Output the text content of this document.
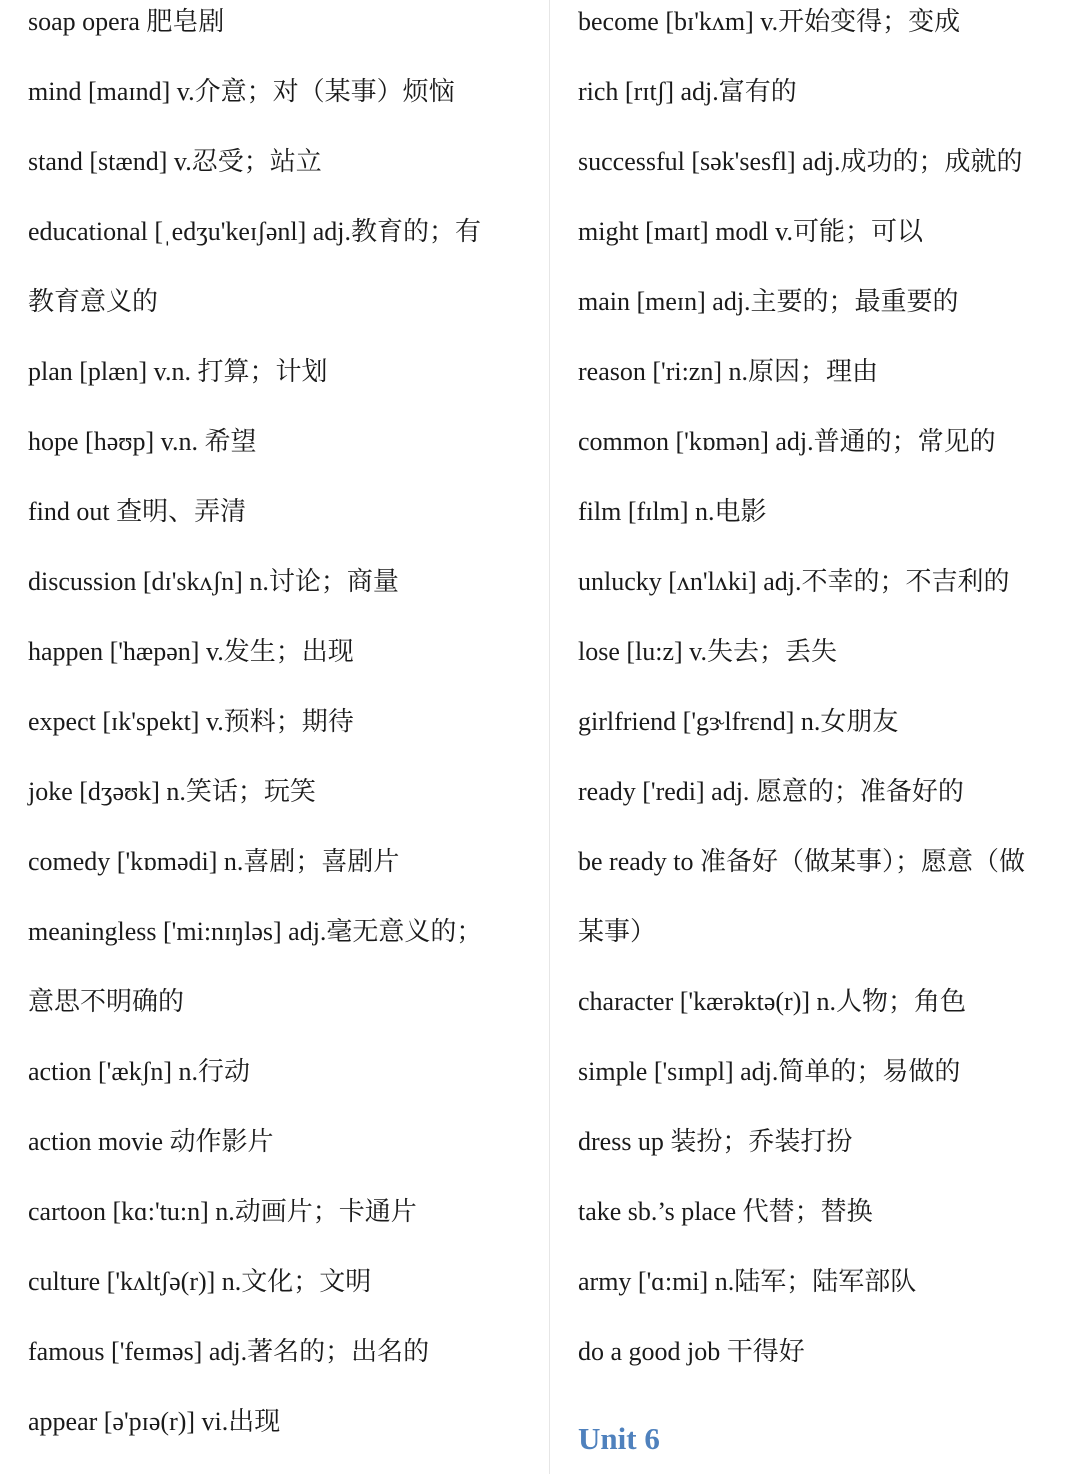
soap opera 肥皂剧
mind [maɪnd] v.介意；对（某事）烦恼
stand [stænd] v.忍受；站立
educational [ˌedʒu'keɪʃənl] adj.教育的；有
教育意义的
plan [plæn] v.n. 打算；计划
hope [həʊp] v.n. 希望
find out 查明、弄清
discussion [dɪ'skʌʃn] n.讨论；商量
happen ['hæpən] v.发生；出现
expect [ɪk'spekt] v.预料；期待
joke [dʒəʊk] n.笑话；玩笑
comedy ['kɒmədi] n.喜剧；喜剧片
meaningless ['mi:nɪŋləs] adj.毫无意义的；
意思不明确的
action ['ækʃn] n.行动
action movie 动作影片
cartoon [kɑ:'tu:n] n.动画片；卡通片
culture ['kʌltʃə(r)] n.文化；文明
famous ['feɪməs] adj.著名的；出名的
appear [ə'pɪə(r)] vi.出现
become [bɪ'kʌm] v.开始变得；变成
rich [rɪtʃ] adj.富有的
successful [sək'sesfl] adj.成功的；成就的
might [maɪt] modl v.可能；可以
main [meɪn] adj.主要的；最重要的
reason ['ri:zn] n.原因；理由
common ['kɒmən] adj.普通的；常见的
film [fɪlm] n.电影
unlucky [ʌn'lʌki] adj.不幸的；不吉利的
lose [lu:z] v.失去；丢失
girlfriend ['gɝlfrɛnd] n.女朋友
ready ['redi] adj. 愿意的；准备好的
be ready to 准备好（做某事）；愿意（做
某事）
character ['kærəktə(r)] n.人物；角色
simple ['sɪmpl] adj.简单的；易做的
dress up 装扮；乔装打扮
take sb.’s place 代替；替换
army ['ɑ:mi] n.陆军；陆军部队
do a good job 干得好
Unit 6
